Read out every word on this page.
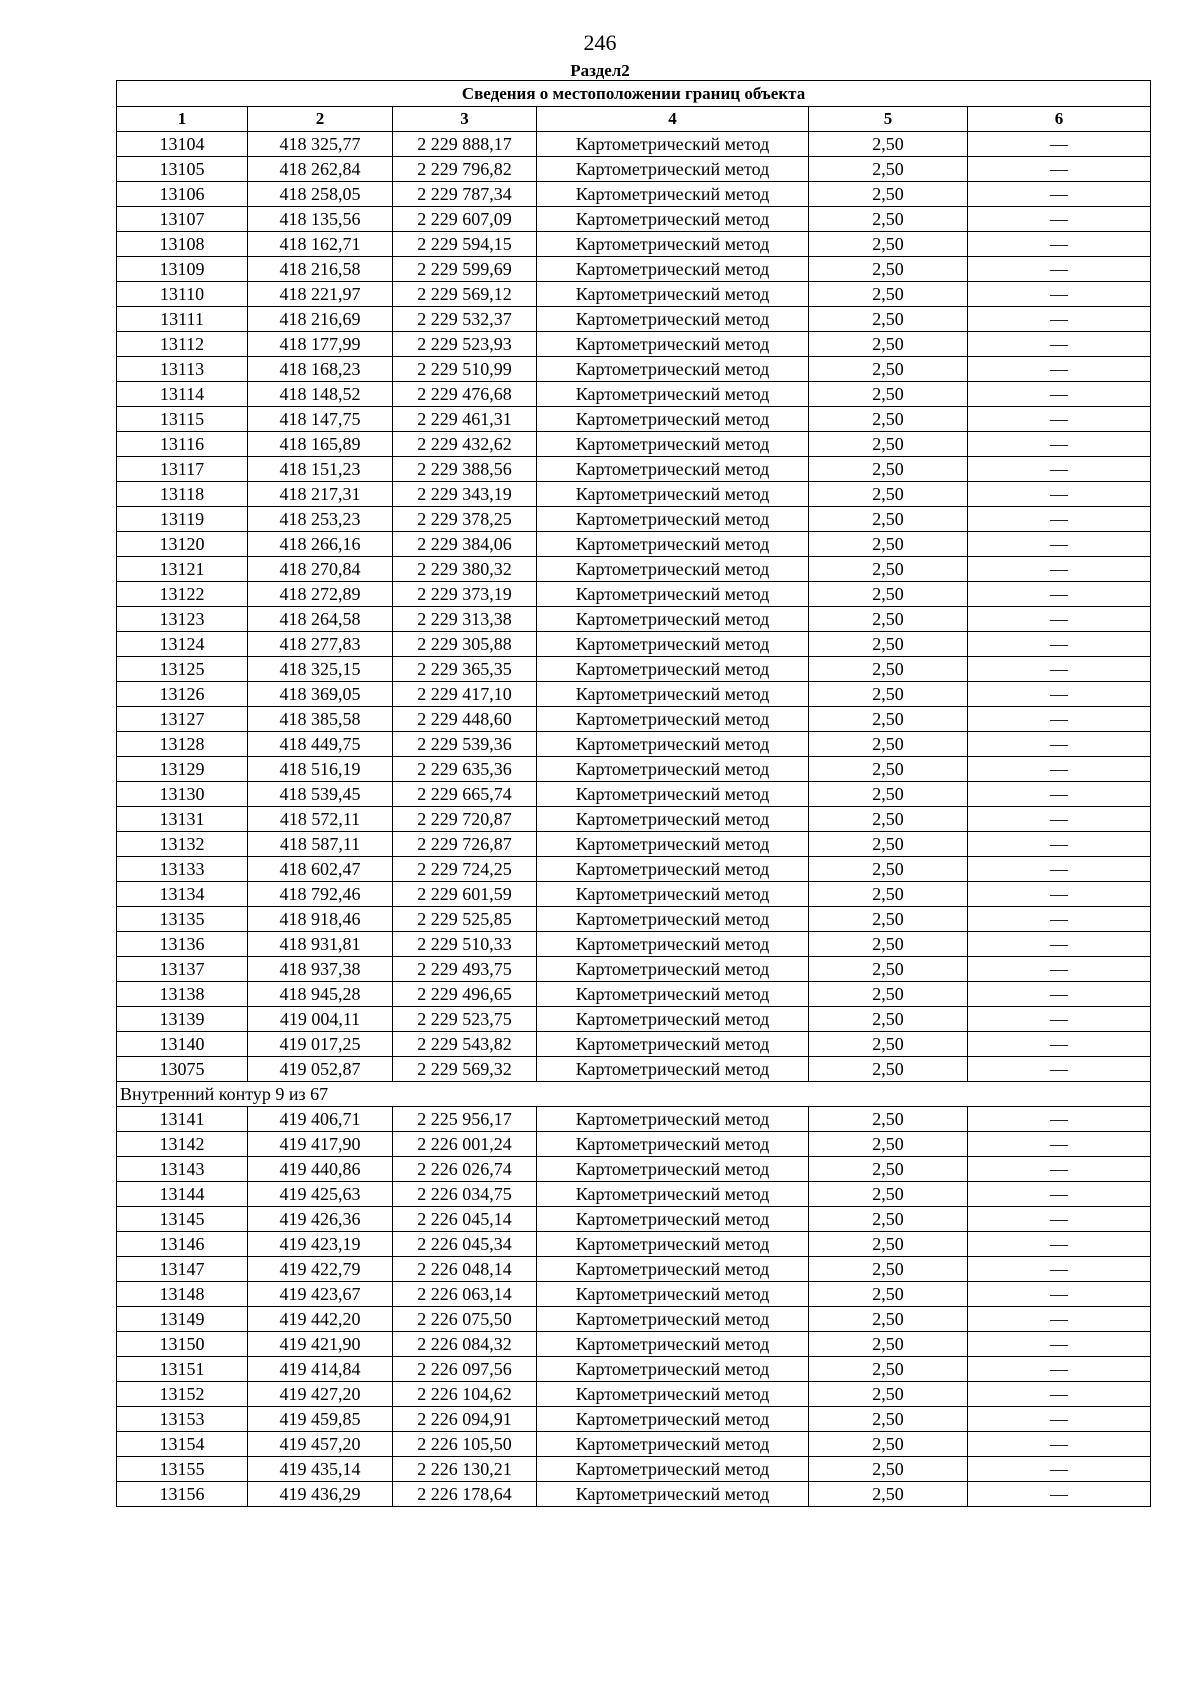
246
Раздел2
Сведения о местоположении границ объекта					
1	2	3	4	5	6
13104	418 325,77	2 229 888,17	Картометрический метод	2,50	—
13105	418 262,84	2 229 796,82	Картометрический метод	2,50	—
13106	418 258,05	2 229 787,34	Картометрический метод	2,50	—
13107	418 135,56	2 229 607,09	Картометрический метод	2,50	—
13108	418 162,71	2 229 594,15	Картометрический метод	2,50	—
13109	418 216,58	2 229 599,69	Картометрический метод	2,50	—
13110	418 221,97	2 229 569,12	Картометрический метод	2,50	—
13111	418 216,69	2 229 532,37	Картометрический метод	2,50	—
13112	418 177,99	2 229 523,93	Картометрический метод	2,50	—
13113	418 168,23	2 229 510,99	Картометрический метод	2,50	—
13114	418 148,52	2 229 476,68	Картометрический метод	2,50	—
13115	418 147,75	2 229 461,31	Картометрический метод	2,50	—
13116	418 165,89	2 229 432,62	Картометрический метод	2,50	—
13117	418 151,23	2 229 388,56	Картометрический метод	2,50	—
13118	418 217,31	2 229 343,19	Картометрический метод	2,50	—
13119	418 253,23	2 229 378,25	Картометрический метод	2,50	—
13120	418 266,16	2 229 384,06	Картометрический метод	2,50	—
13121	418 270,84	2 229 380,32	Картометрический метод	2,50	—
13122	418 272,89	2 229 373,19	Картометрический метод	2,50	—
13123	418 264,58	2 229 313,38	Картометрический метод	2,50	—
13124	418 277,83	2 229 305,88	Картометрический метод	2,50	—
13125	418 325,15	2 229 365,35	Картометрический метод	2,50	—
13126	418 369,05	2 229 417,10	Картометрический метод	2,50	—
13127	418 385,58	2 229 448,60	Картометрический метод	2,50	—
13128	418 449,75	2 229 539,36	Картометрический метод	2,50	—
13129	418 516,19	2 229 635,36	Картометрический метод	2,50	—
13130	418 539,45	2 229 665,74	Картометрический метод	2,50	—
13131	418 572,11	2 229 720,87	Картометрический метод	2,50	—
13132	418 587,11	2 229 726,87	Картометрический метод	2,50	—
13133	418 602,47	2 229 724,25	Картометрический метод	2,50	—
13134	418 792,46	2 229 601,59	Картометрический метод	2,50	—
13135	418 918,46	2 229 525,85	Картометрический метод	2,50	—
13136	418 931,81	2 229 510,33	Картометрический метод	2,50	—
13137	418 937,38	2 229 493,75	Картометрический метод	2,50	—
13138	418 945,28	2 229 496,65	Картометрический метод	2,50	—
13139	419 004,11	2 229 523,75	Картометрический метод	2,50	—
13140	419 017,25	2 229 543,82	Картометрический метод	2,50	—
13075	419 052,87	2 229 569,32	Картометрический метод	2,50	—
Внутренний контур 9 из 67					
13141	419 406,71	2 225 956,17	Картометрический метод	2,50	—
13142	419 417,90	2 226 001,24	Картометрический метод	2,50	—
13143	419 440,86	2 226 026,74	Картометрический метод	2,50	—
13144	419 425,63	2 226 034,75	Картометрический метод	2,50	—
13145	419 426,36	2 226 045,14	Картометрический метод	2,50	—
13146	419 423,19	2 226 045,34	Картометрический метод	2,50	—
13147	419 422,79	2 226 048,14	Картометрический метод	2,50	—
13148	419 423,67	2 226 063,14	Картометрический метод	2,50	—
13149	419 442,20	2 226 075,50	Картометрический метод	2,50	—
13150	419 421,90	2 226 084,32	Картометрический метод	2,50	—
13151	419 414,84	2 226 097,56	Картометрический метод	2,50	—
13152	419 427,20	2 226 104,62	Картометрический метод	2,50	—
13153	419 459,85	2 226 094,91	Картометрический метод	2,50	—
13154	419 457,20	2 226 105,50	Картометрический метод	2,50	—
13155	419 435,14	2 226 130,21	Картометрический метод	2,50	—
13156	419 436,29	2 226 178,64	Картометрический метод	2,50	—
